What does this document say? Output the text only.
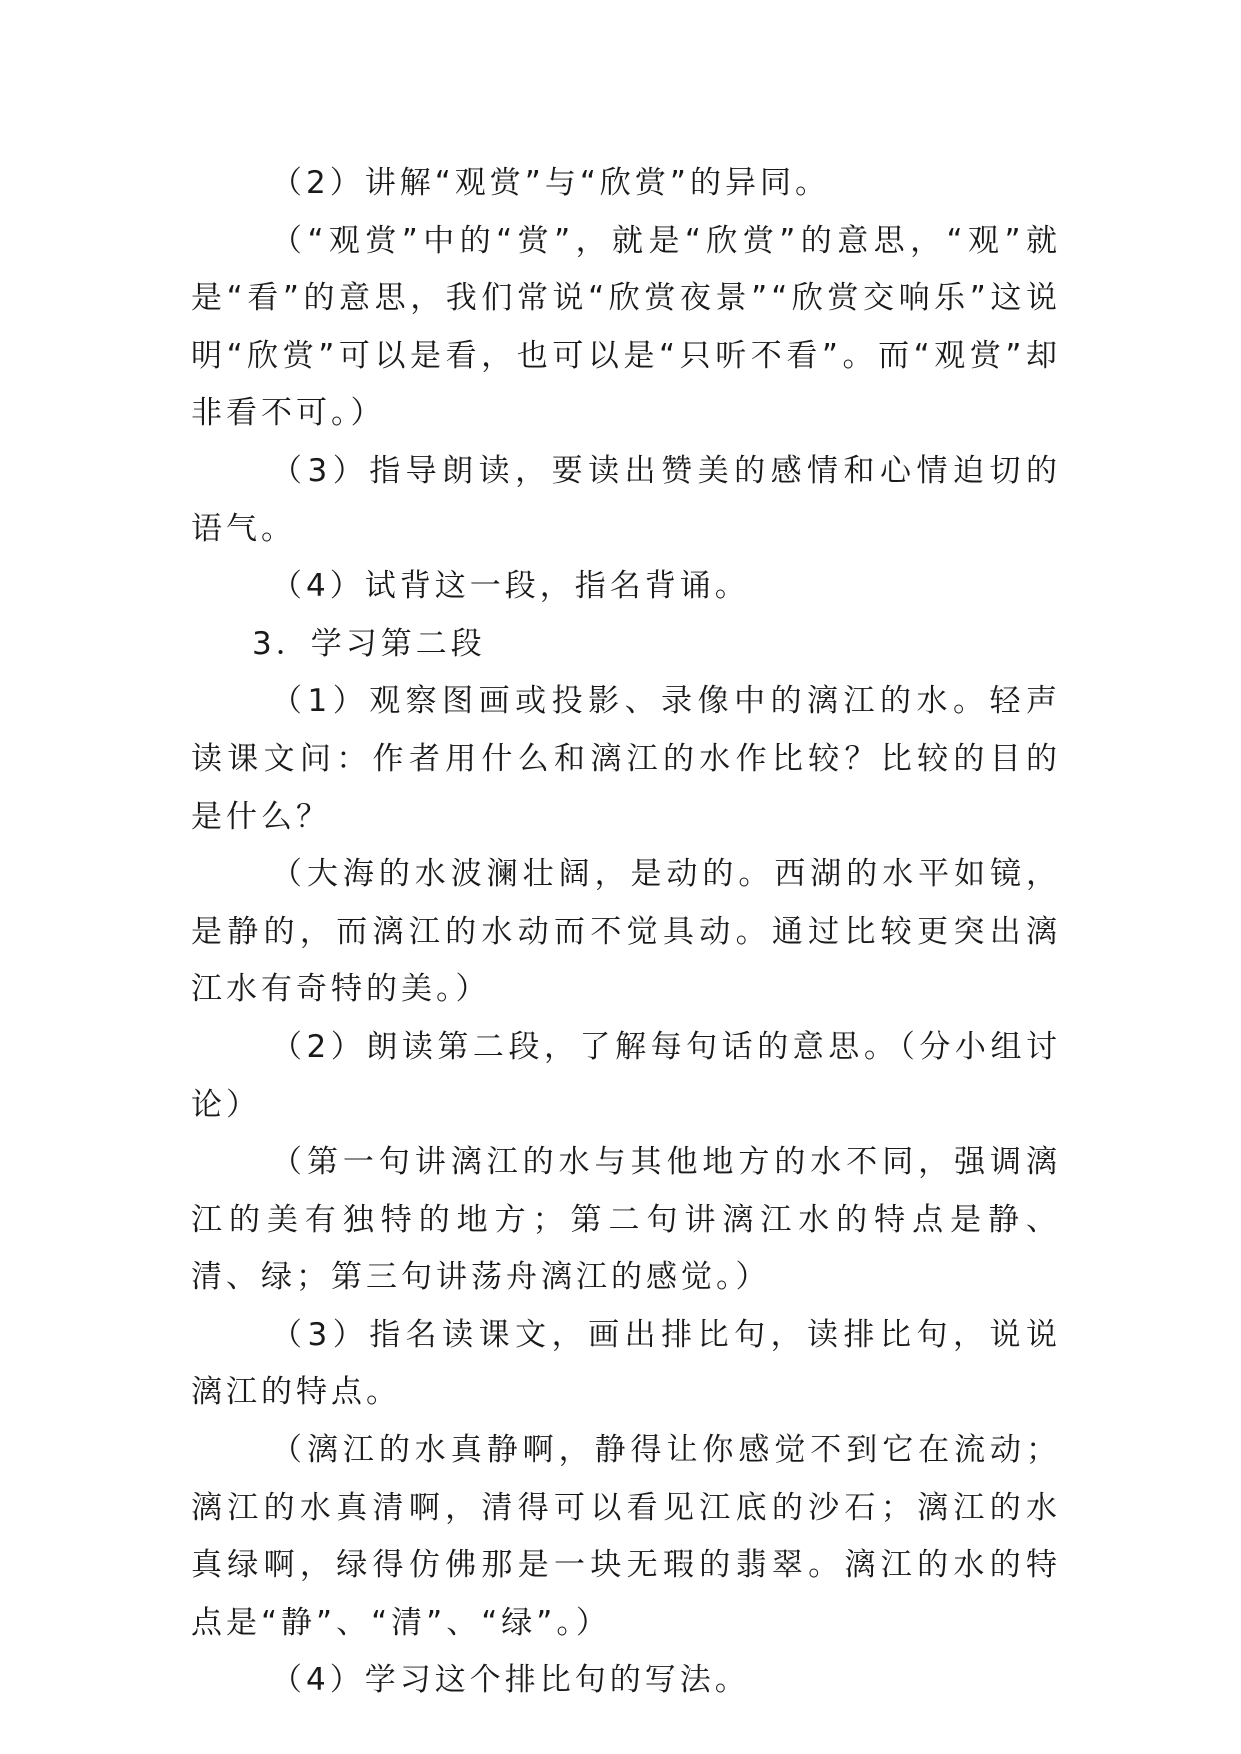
（2）讲解“观赏”与“欣赏”的异同。

（“观赏”中的“赏”，就是“欣赏”的意思，“观”就是“看”的意思，我们常说“欣赏夜景”“欣赏交响乐”这说明“欣赏”可以是看，也可以是“只听不看”。而“观赏”却非看不可。）

（3）指导朗读，要读出赞美的感情和心情迫切的语气。

（4）试背这一段，指名背诵。

3．学习第二段

（1）观察图画或投影、录像中的漓江的水。轻声读课文问：作者用什么和漓江的水作比较？比较的目的是什么？

（大海的水波澜壮阔，是动的。西湖的水平如镜，是静的，而漓江的水动而不觉具动。通过比较更突出漓江水有奇特的美。）

（2）朗读第二段，了解每句话的意思。（分小组讨论）

（第一句讲漓江的水与其他地方的水不同，强调漓江的美有独特的地方；第二句讲漓江水的特点是静、清、绿；第三句讲荡舟漓江的感觉。）

（3）指名读课文，画出排比句，读排比句，说说漓江的特点。

（漓江的水真静啊，静得让你感觉不到它在流动；漓江的水真清啊，清得可以看见江底的沙石；漓江的水真绿啊，绿得仿佛那是一块无瑕的翡翠。漓江的水的特点是“静”、“清”、“绿”。）

（4）学习这个排比句的写法。
